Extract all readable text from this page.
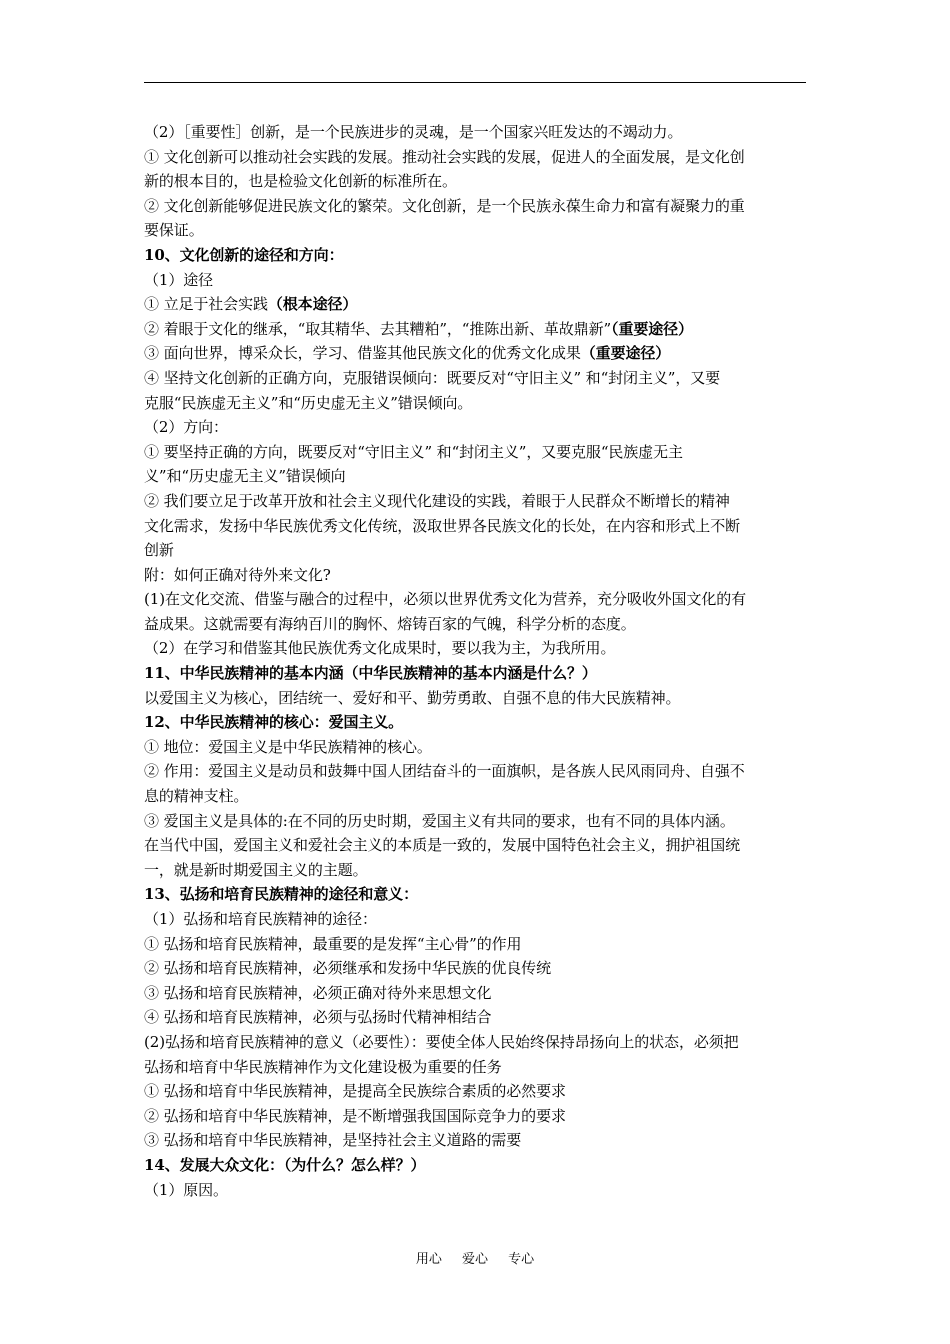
（2）［重要性］创新，是一个民族进步的灵魂，是一个国家兴旺发达的不竭动力。
① 文化创新可以推动社会实践的发展。推动社会实践的发展，促进人的全面发展，是文化创
新的根本目的，也是检验文化创新的标准所在。
② 文化创新能够促进民族文化的繁荣。文化创新，是一个民族永葆生命力和富有凝聚力的重
要保证。
10、文化创新的途径和方向：
（1）途径
① 立足于社会实践（根本途径）
② 着眼于文化的继承，“取其精华、去其糟粕”，“推陈出新、革故鼎新”（重要途径）
③ 面向世界，博采众长，学习、借鉴其他民族文化的优秀文化成果（重要途径）
④ 坚持文化创新的正确方向，克服错误倾向：既要反对“守旧主义” 和“封闭主义”，又要
克服“民族虚无主义”和“历史虚无主义”错误倾向。
（2）方向：
① 要坚持正确的方向，既要反对“守旧主义” 和“封闭主义”，又要克服“民族虚无主
义”和“历史虚无主义”错误倾向
② 我们要立足于改革开放和社会主义现代化建设的实践，着眼于人民群众不断增长的精神
文化需求，发扬中华民族优秀文化传统，汲取世界各民族文化的长处，在内容和形式上不断
创新
附：如何正确对待外来文化?
(1)在文化交流、借鉴与融合的过程中，必须以世界优秀文化为营养，充分吸收外国文化的有
益成果。这就需要有海纳百川的胸怀、熔铸百家的气魄，科学分析的态度。
（2）在学习和借鉴其他民族优秀文化成果时，要以我为主，为我所用。
11、中华民族精神的基本内涵（中华民族精神的基本内涵是什么？）
以爱国主义为核心，团结统一、爱好和平、勤劳勇敢、自强不息的伟大民族精神。
12、中华民族精神的核心：爱国主义。
① 地位：爱国主义是中华民族精神的核心。
② 作用：爱国主义是动员和鼓舞中国人团结奋斗的一面旗帜，是各族人民风雨同舟、自强不
息的精神支柱。
③ 爱国主义是具体的:在不同的历史时期，爱国主义有共同的要求，也有不同的具体内涵。
在当代中国，爱国主义和爱社会主义的本质是一致的，发展中国特色社会主义，拥护祖国统
一，就是新时期爱国主义的主题。
13、弘扬和培育民族精神的途径和意义：
（1）弘扬和培育民族精神的途径：
① 弘扬和培育民族精神，最重要的是发挥“主心骨”的作用
② 弘扬和培育民族精神，必须继承和发扬中华民族的优良传统
③ 弘扬和培育民族精神，必须正确对待外来思想文化
④ 弘扬和培育民族精神，必须与弘扬时代精神相结合
(2)弘扬和培育民族精神的意义（必要性）：要使全体人民始终保持昂扬向上的状态，必须把
弘扬和培育中华民族精神作为文化建设极为重要的任务
① 弘扬和培育中华民族精神，是提高全民族综合素质的必然要求
② 弘扬和培育中华民族精神，是不断增强我国国际竞争力的要求
③ 弘扬和培育中华民族精神，是坚持社会主义道路的需要
14、发展大众文化：（为什么？怎么样？）
（1）原因。
用心 爱心 专心
